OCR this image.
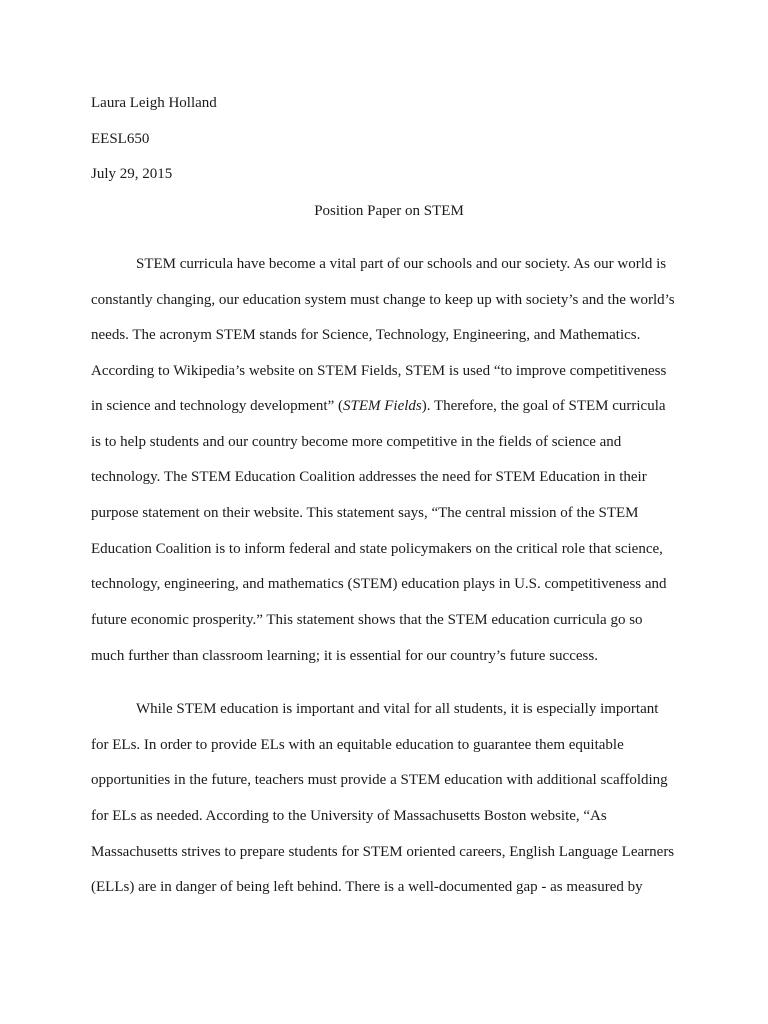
Laura Leigh Holland
EESL650
July 29, 2015
Position Paper on STEM
STEM curricula have become a vital part of our schools and our society. As our world is
constantly changing, our education system must change to keep up with society’s and the world’s
needs. The acronym STEM stands for Science, Technology, Engineering, and Mathematics.
According to Wikipedia’s website on STEM Fields, STEM is used “to improve competitiveness
in science and technology development” (STEM Fields). Therefore, the goal of STEM curricula
is to help students and our country become more competitive in the fields of science and
technology. The STEM Education Coalition addresses the need for STEM Education in their
purpose statement on their website. This statement says, “The central mission of the STEM
Education Coalition is to inform federal and state policymakers on the critical role that science,
technology, engineering, and mathematics (STEM) education plays in U.S. competitiveness and
future economic prosperity.” This statement shows that the STEM education curricula go so
much further than classroom learning; it is essential for our country’s future success.
While STEM education is important and vital for all students, it is especially important
for ELs. In order to provide ELs with an equitable education to guarantee them equitable
opportunities in the future, teachers must provide a STEM education with additional scaffolding
for ELs as needed. According to the University of Massachusetts Boston website, “As
Massachusetts strives to prepare students for STEM oriented careers, English Language Learners
(ELLs) are in danger of being left behind. There is a well-documented gap - as measured by
